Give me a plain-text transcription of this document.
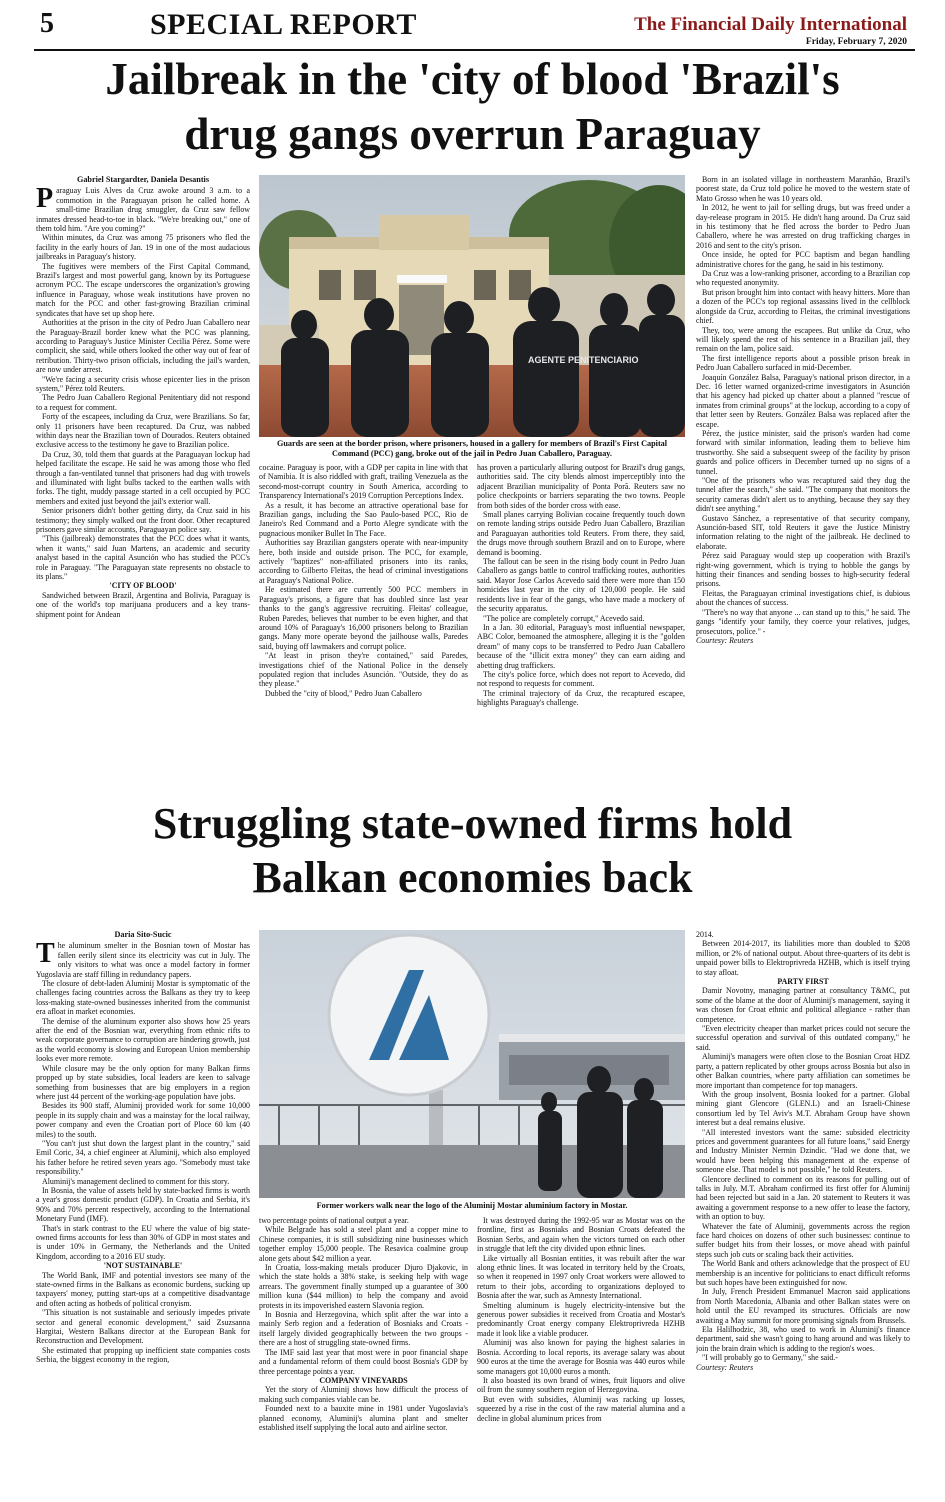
5	SPECIAL REPORT	The Financial Daily International
Friday, February 7, 2020
Jailbreak in the 'city of blood 'Brazil's
drug gangs overrun Paraguay
Gabriel Stargardter, Daniela Desantis
P araguay Luis Alves da Cruz awoke around 3 a.m. to a commotion in the Paraguayan prison he called home. A small-time Brazilian drug smuggler, da Cruz saw fellow inmates dressed head-to-toe in black. "We're breaking out," one of them told him. "Are you coming?"

Within minutes, da Cruz was among 75 prisoners who fled the facility in the early hours of Jan. 19 in one of the most audacious jailbreaks in Paraguay's history.

The fugitives were members of the First Capital Command, Brazil's largest and most powerful gang, known by its Portuguese acronym PCC. The escape underscores the organization's growing influence in Paraguay, whose weak institutions have proven no match for the PCC and other fast-growing Brazilian criminal syndicates that have set up shop here.

Authorities at the prison in the city of Pedro Juan Caballero near the Paraguay-Brazil border knew what the PCC was planning, according to Paraguay's Justice Minister Cecilia Pérez. Some were complicit, she said, while others looked the other way out of fear of retribution. Thirty-two prison officials, including the jail's warden, are now under arrest.

"We're facing a security crisis whose epicenter lies in the prison system," Pérez told Reuters.

The Pedro Juan Caballero Regional Penitentiary did not respond to a request for comment.

Forty of the escapees, including da Cruz, were Brazilians. So far, only 11 prisoners have been recaptured. Da Cruz, was nabbed within days near the Brazilian town of Dourados. Reuters obtained exclusive access to the testimony he gave to Brazilian police.

Da Cruz, 30, told them that guards at the Paraguayan lockup had helped facilitate the escape. He said he was among those who fled through a fan-ventilated tunnel that prisoners had dug with trowels and illuminated with light bulbs tacked to the earthen walls with forks. The tight, muddy passage started in a cell occupied by PCC members and exited just beyond the jail's exterior wall.

Senior prisoners didn't bother getting dirty, da Cruz said in his testimony; they simply walked out the front door. Other recaptured prisoners gave similar accounts, Paraguayan police say.

"This (jailbreak) demonstrates that the PCC does what it wants, when it wants," said Juan Martens, an academic and security analyst based in the capital Asunción who has studied the PCC's role in Paraguay. "The Paraguayan state represents no obstacle to its plans."

'CITY OF BLOOD'

Sandwiched between Brazil, Argentina and Bolivia, Paraguay is one of the world's top marijuana producers and a key trans-shipment point for Andean

AGENTE PENITENCIARIO
Guards are seen at the border prison, where prisoners, housed in a gallery for members of Brazil's First Capital Command (PCC) gang, broke out of the jail in Pedro Juan Caballero, Paraguay.

cocaine. Paraguay is poor, with a GDP per capita in line with that of Namibia. It is also riddled with graft, trailing Venezuela as the second-most-corrupt country in South America, according to Transparency International's 2019 Corruption Perceptions Index.

As a result, it has become an attractive operational base for Brazilian gangs, including the Sao Paulo-based PCC, Rio de Janeiro's Red Command and a Porto Alegre syndicate with the pugnacious moniker Bullet In The Face.

Authorities say Brazilian gangsters operate with near-impunity here, both inside and outside prison. The PCC, for example, actively "baptizes" non-affiliated prisoners into its ranks, according to Gilberto Fleitas, the head of criminal investigations at Paraguay's National Police.

He estimated there are currently 500 PCC members in Paraguay's prisons, a figure that has doubled since last year thanks to the gang's aggressive recruiting. Fleitas' colleague, Ruben Paredes, believes that number to be even higher, and that around 10% of Paraguay's 16,000 prisoners belong to Brazilian gangs. Many more operate beyond the jailhouse walls, Paredes said, buying off lawmakers and corrupt police.

"At least in prison they're contained," said Paredes, investigations chief of the National Police in the densely populated region that includes Asunción. "Outside, they do as they please."

Dubbed the "city of blood," Pedro Juan Caballero

has proven a particularly alluring outpost for Brazil's drug gangs, authorities said. The city blends almost imperceptibly into the adjacent Brazilian municipality of Ponta Porã. Reuters saw no police checkpoints or barriers separating the two towns. People from both sides of the border cross with ease.

Small planes carrying Bolivian cocaine frequently touch down on remote landing strips outside Pedro Juan Caballero, Brazilian and Paraguayan authorities told Reuters. From there, they said, the drugs move through southern Brazil and on to Europe, where demand is booming.

The fallout can be seen in the rising body count in Pedro Juan Caballero as gangs battle to control trafficking routes, authorities said. Mayor Jose Carlos Acevedo said there were more than 150 homicides last year in the city of 120,000 people. He said residents live in fear of the gangs, who have made a mockery of the security apparatus.

"The police are completely corrupt," Acevedo said.

In a Jan. 30 editorial, Paraguay's most influential newspaper, ABC Color, bemoaned the atmosphere, alleging it is the "golden dream" of many cops to be transferred to Pedro Juan Caballero because of the "illicit extra money" they can earn aiding and abetting drug traffickers.

The city's police force, which does not report to Acevedo, did not respond to requests for comment.

The criminal trajectory of da Cruz, the recaptured escapee, highlights Paraguay's challenge.

Born in an isolated village in northeastern Maranhão, Brazil's poorest state, da Cruz told police he moved to the western state of Mato Grosso when he was 10 years old.

In 2012, he went to jail for selling drugs, but was freed under a day-release program in 2015. He didn't hang around. Da Cruz said in his testimony that he fled across the border to Pedro Juan Caballero, where he was arrested on drug trafficking charges in 2016 and sent to the city's prison.

Once inside, he opted for PCC baptism and began handling administrative chores for the gang, he said in his testimony.

Da Cruz was a low-ranking prisoner, according to a Brazilian cop who requested anonymity.

But prison brought him into contact with heavy hitters. More than a dozen of the PCC's top regional assassins lived in the cellblock alongside da Cruz, according to Fleitas, the criminal investigations chief.

They, too, were among the escapees. But unlike da Cruz, who will likely spend the rest of his sentence in a Brazilian jail, they remain on the lam, police said.

The first intelligence reports about a possible prison break in Pedro Juan Caballero surfaced in mid-December.

Joaquín González Balsa, Paraguay's national prison director, in a Dec. 16 letter warned organized-crime investigators in Asunción that his agency had picked up chatter about a planned "rescue of inmates from criminal groups" at the lockup, according to a copy of that letter seen by Reuters. González Balsa was replaced after the escape.

Pérez, the justice minister, said the prison's warden had come forward with similar information, leading them to believe him trustworthy. She said a subsequent sweep of the facility by prison guards and police officers in December turned up no signs of a tunnel.

"One of the prisoners who was recaptured said they dug the tunnel after the search," she said. "The company that monitors the security cameras didn't alert us to anything, because they say they didn't see anything."

Gustavo Sánchez, a representative of that security company, Asunción-based SIT, told Reuters it gave the Justice Ministry information relating to the night of the jailbreak. He declined to elaborate.

Pérez said Paraguay would step up cooperation with Brazil's right-wing government, which is trying to hobble the gangs by hitting their finances and sending bosses to high-security federal prisons.

Fleitas, the Paraguayan criminal investigations chief, is dubious about the chances of success.

"There's no way that anyone ... can stand up to this," he said. The gangs "identify your family, they coerce your relatives, judges, prosecutors, police." -

Courtesy: Reuters
Struggling state-owned firms hold
Balkan economies back
Daria Sito-Sucic
T he aluminum smelter in the Bosnian town of Mostar has fallen eerily silent since its electricity was cut in July. The only visitors to what was once a model factory in former Yugoslavia are staff filling in redundancy papers.

The closure of debt-laden Aluminij Mostar is symptomatic of the challenges facing countries across the Balkans as they try to keep loss-making state-owned businesses inherited from the communist era afloat in market economies.

The demise of the aluminum exporter also shows how 25 years after the end of the Bosnian war, everything from ethnic rifts to weak corporate governance to corruption are hindering growth, just as the world economy is slowing and European Union membership looks ever more remote.

While closure may be the only option for many Balkan firms propped up by state subsidies, local leaders are keen to salvage something from businesses that are big employers in a region where just 44 percent of the working-age population have jobs.

Besides its 900 staff, Aluminij provided work for some 10,000 people in its supply chain and was a mainstay for the local railway, power company and even the Croatian port of Ploce 60 km (40 miles) to the south.

"You can't just shut down the largest plant in the country," said Emil Coric, 34, a chief engineer at Aluminij, which also employed his father before he retired seven years ago. "Somebody must take responsibility."

Aluminij's management declined to comment for this story.

In Bosnia, the value of assets held by state-backed firms is worth a year's gross domestic product (GDP). In Croatia and Serbia, it's 90% and 70% percent respectively, according to the International Monetary Fund (IMF).

That's in stark contrast to the EU where the value of big state-owned firms accounts for less than 30% of GDP in most states and is under 10% in Germany, the Netherlands and the United Kingdom, according to a 2016 EU study.

'NOT SUSTAINABLE'

The World Bank, IMF and potential investors see many of the state-owned firms in the Balkans as economic burdens, sucking up taxpayers' money, putting start-ups at a competitive disadvantage and often acting as hotbeds of political cronyism.

"This situation is not sustainable and seriously impedes private sector and general economic development," said Zsuzsanna Hargitai, Western Balkans director at the European Bank for Reconstruction and Development.

She estimated that propping up inefficient state companies costs Serbia, the biggest economy in the region,

Former workers walk near the logo of the Aluminij Mostar aluminium factory in Mostar.

two percentage points of national output a year.

While Belgrade has sold a steel plant and a copper mine to Chinese companies, it is still subsidizing nine businesses which together employ 15,000 people. The Resavica coalmine group alone gets about $42 million a year.

In Croatia, loss-making metals producer Djuro Djakovic, in which the state holds a 38% stake, is seeking help with wage arrears. The government finally stumped up a guarantee of 300 million kuna ($44 million) to help the company and avoid protests in its impoverished eastern Slavonia region.

In Bosnia and Herzegovina, which split after the war into a mainly Serb region and a federation of Bosniaks and Croats - itself largely divided geographically between the two groups - there are a host of struggling state-owned firms.

The IMF said last year that most were in poor financial shape and a fundamental reform of them could boost Bosnia's GDP by three percentage points a year.

COMPANY VINEYARDS

Yet the story of Aluminij shows how difficult the process of making such companies viable can be.

Founded next to a bauxite mine in 1981 under Yugoslavia's planned economy, Aluminij's alumina plant and smelter established itself supplying the local auto and airline sector.

It was destroyed during the 1992-95 war as Mostar was on the frontline, first as Bosniaks and Bosnian Croats defeated the Bosnian Serbs, and again when the victors turned on each other in struggle that left the city divided upon ethnic lines.

Like virtually all Bosnian entities, it was rebuilt after the war along ethnic lines. It was located in territory held by the Croats, so when it reopened in 1997 only Croat workers were allowed to return to their jobs, according to organizations deployed to Bosnia after the war, such as Amnesty International.

Smelting aluminum is hugely electricity-intensive but the generous power subsidies it received from Croatia and Mostar's predominantly Croat energy company Elektroprivreda HZHB made it look like a viable producer.

Aluminij was also known for paying the highest salaries in Bosnia. According to local reports, its average salary was about 900 euros at the time the average for Bosnia was 440 euros while some managers got 10,000 euros a month.

It also boasted its own brand of wines, fruit liquors and olive oil from the sunny southern region of Herzegovina.

But even with subsidies, Aluminij was racking up losses, squeezed by a rise in the cost of the raw material alumina and a decline in global aluminum prices from

2014.

Between 2014-2017, its liabilities more than doubled to $208 million, or 2% of national output. About three-quarters of its debt is unpaid power bills to Elektroprivreda HZHB, which is itself trying to stay afloat.

PARTY FIRST

Damir Novotny, managing partner at consultancy T&MC, put some of the blame at the door of Aluminij's management, saying it was chosen for Croat ethnic and political allegiance - rather than competence.

"Even electricity cheaper than market prices could not secure the successful operation and survival of this outdated company," he said.

Aluminij's managers were often close to the Bosnian Croat HDZ party, a pattern replicated by other groups across Bosnia but also in other Balkan countries, where party affiliation can sometimes be more important than competence for top managers.

With the group insolvent, Bosnia looked for a partner. Global mining giant Glencore (GLEN.L) and an Israeli-Chinese consortium led by Tel Aviv's M.T. Abraham Group have shown interest but a deal remains elusive.

"All interested investors want the same: subsided electricity prices and government guarantees for all future loans," said Energy and Industry Minister Nermin Dzindic. "Had we done that, we would have been helping this management at the expense of someone else. That model is not possible," he told Reuters.

Glencore declined to comment on its reasons for pulling out of talks in July. M.T. Abraham confirmed its first offer for Aluminij had been rejected but said in a Jan. 20 statement to Reuters it was awaiting a government response to a new offer to lease the factory, with an option to buy.

Whatever the fate of Aluminij, governments across the region face hard choices on dozens of other such businesses: continue to suffer budget hits from their losses, or move ahead with painful steps such job cuts or scaling back their activities.

The World Bank and others acknowledge that the prospect of EU membership is an incentive for politicians to enact difficult reforms but such hopes have been extinguished for now.

In July, French President Emmanuel Macron said applications from North Macedonia, Albania and other Balkan states were on hold until the EU revamped its structures. Officials are now awaiting a May summit for more promising signals from Brussels.

Ela Halilhodzic, 38, who used to work in Aluminij's finance department, said she wasn't going to hang around and was likely to join the brain drain which is adding to the region's woes.

"I will probably go to Germany," she said.-

Courtesy: Reuters
